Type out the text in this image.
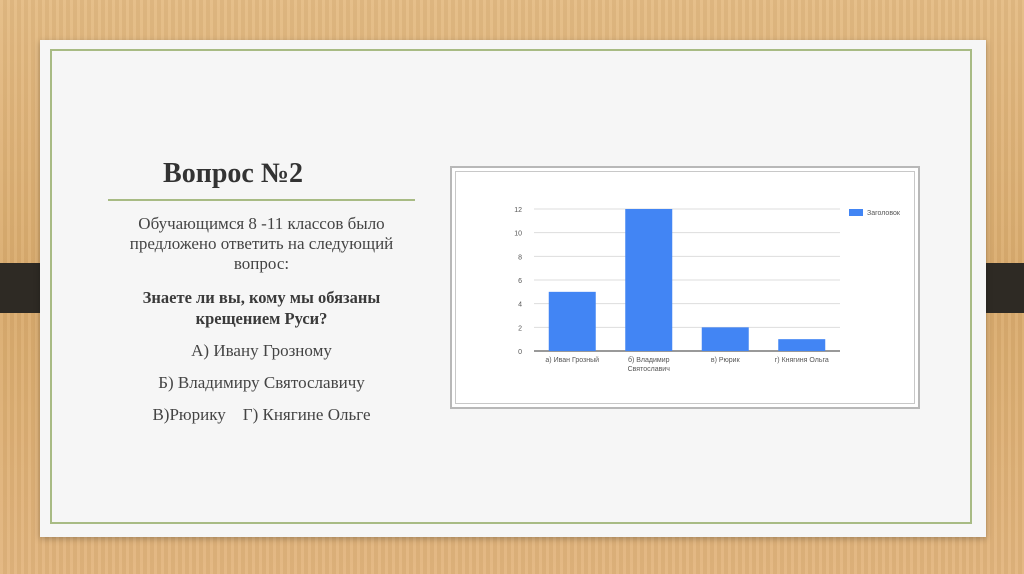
Вопрос №2

Обучающимся 8 -11 классов было предложено ответить на следующий вопрос:

Знаете ли вы, кому мы обязаны крещением Руси?

А) Ивану Грозному

Б) Владимиру Святославичу

В)Рюрику    Г) Княгине Ольге

0
2
4
6
8
10
12
а) Иван Грозный	б) Владимир
Святославич
в) Рюрик	г) Княгиня Ольга
Заголовок
